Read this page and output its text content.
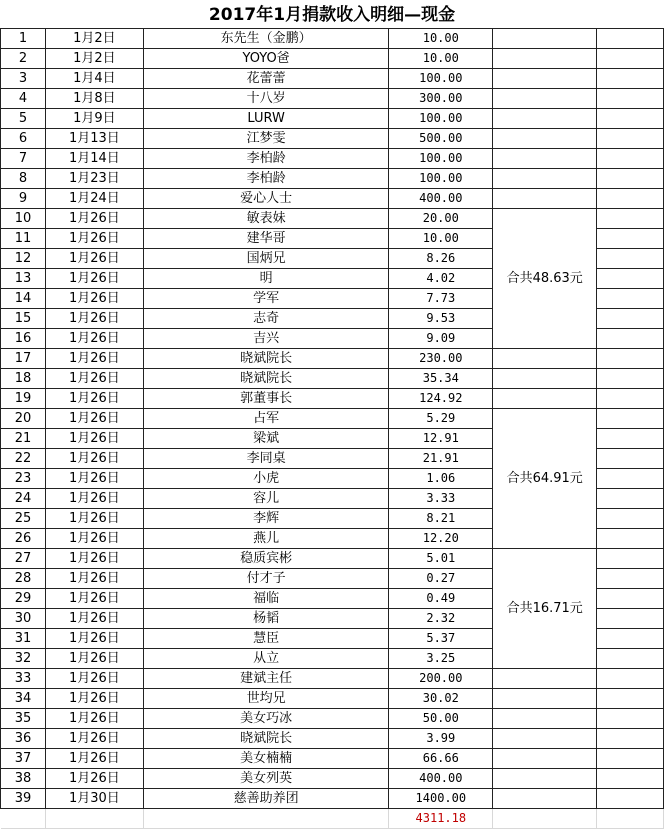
2017年1月捐款收入明细—现金
1	1月2日	东先生（金鹏）	10.00		
2	1月2日	YOYO爸	10.00		
3	1月4日	花蕾蕾	100.00		
4	1月8日	十八岁	300.00		
5	1月9日	LURW	100.00		
6	1月13日	江梦雯	500.00		
7	1月14日	李柏龄	100.00		
8	1月23日	李柏龄	100.00		
9	1月24日	爱心人士	400.00		
10	1月26日	敏表妹	20.00	合共48.63元	
11	1月26日	建华哥	10.00		
12	1月26日	国炳兄	8.26		
13	1月26日	明	4.02		
14	1月26日	学军	7.73		
15	1月26日	志奇	9.53		
16	1月26日	吉兴	9.09		
17	1月26日	晓斌院长	230.00		
18	1月26日	晓斌院长	35.34		
19	1月26日	郭董事长	124.92		
20	1月26日	占军	5.29	合共64.91元	
21	1月26日	梁斌	12.91		
22	1月26日	李同桌	21.91		
23	1月26日	小虎	1.06		
24	1月26日	容儿	3.33		
25	1月26日	李辉	8.21		
26	1月26日	燕儿	12.20		
27	1月26日	稳质宾彬	5.01	合共16.71元	
28	1月26日	付才子	0.27		
29	1月26日	福临	0.49		
30	1月26日	杨韬	2.32		
31	1月26日	慧臣	5.37		
32	1月26日	从立	3.25		
33	1月26日	建斌主任	200.00		
34	1月26日	世均兄	30.02		
35	1月26日	美女巧冰	50.00		
36	1月26日	晓斌院长	3.99		
37	1月26日	美女楠楠	66.66		
38	1月26日	美女列英	400.00		
39	1月30日	慈善助养团	1400.00		
			4311.18		
